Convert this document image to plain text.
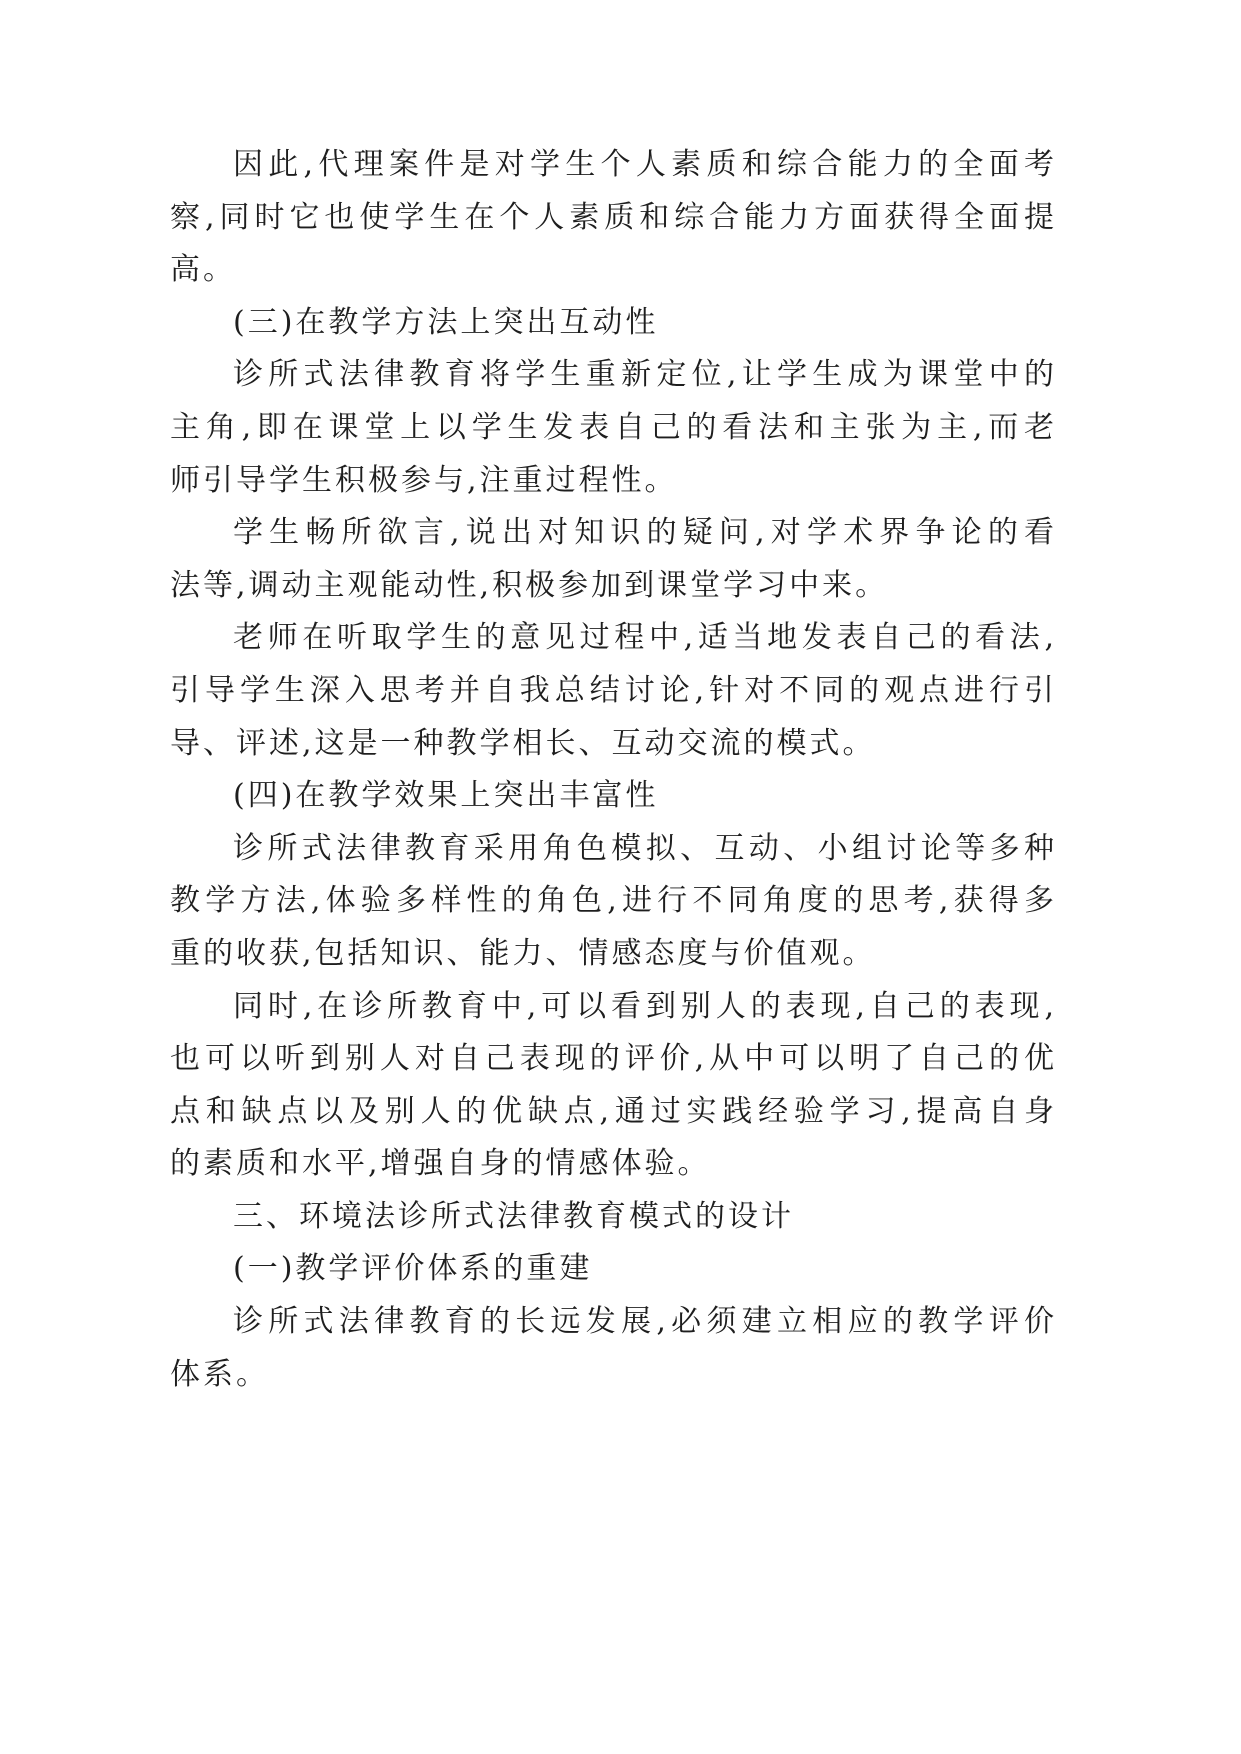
因此,代理案件是对学生个人素质和综合能力的全面考
察,同时它也使学生在个人素质和综合能力方面获得全面提
高。
(三)在教学方法上突出互动性
诊所式法律教育将学生重新定位,让学生成为课堂中的
主角,即在课堂上以学生发表自己的看法和主张为主,而老
师引导学生积极参与,注重过程性。
学生畅所欲言,说出对知识的疑问,对学术界争论的看
法等,调动主观能动性,积极参加到课堂学习中来。
老师在听取学生的意见过程中,适当地发表自己的看法,
引导学生深入思考并自我总结讨论,针对不同的观点进行引
导、评述,这是一种教学相长、互动交流的模式。
(四)在教学效果上突出丰富性
诊所式法律教育采用角色模拟、互动、小组讨论等多种
教学方法,体验多样性的角色,进行不同角度的思考,获得多
重的收获,包括知识、能力、情感态度与价值观。
同时,在诊所教育中,可以看到别人的表现,自己的表现,
也可以听到别人对自己表现的评价,从中可以明了自己的优
点和缺点以及别人的优缺点,通过实践经验学习,提高自身
的素质和水平,增强自身的情感体验。
三、环境法诊所式法律教育模式的设计
(一)教学评价体系的重建
诊所式法律教育的长远发展,必须建立相应的教学评价
体系。
